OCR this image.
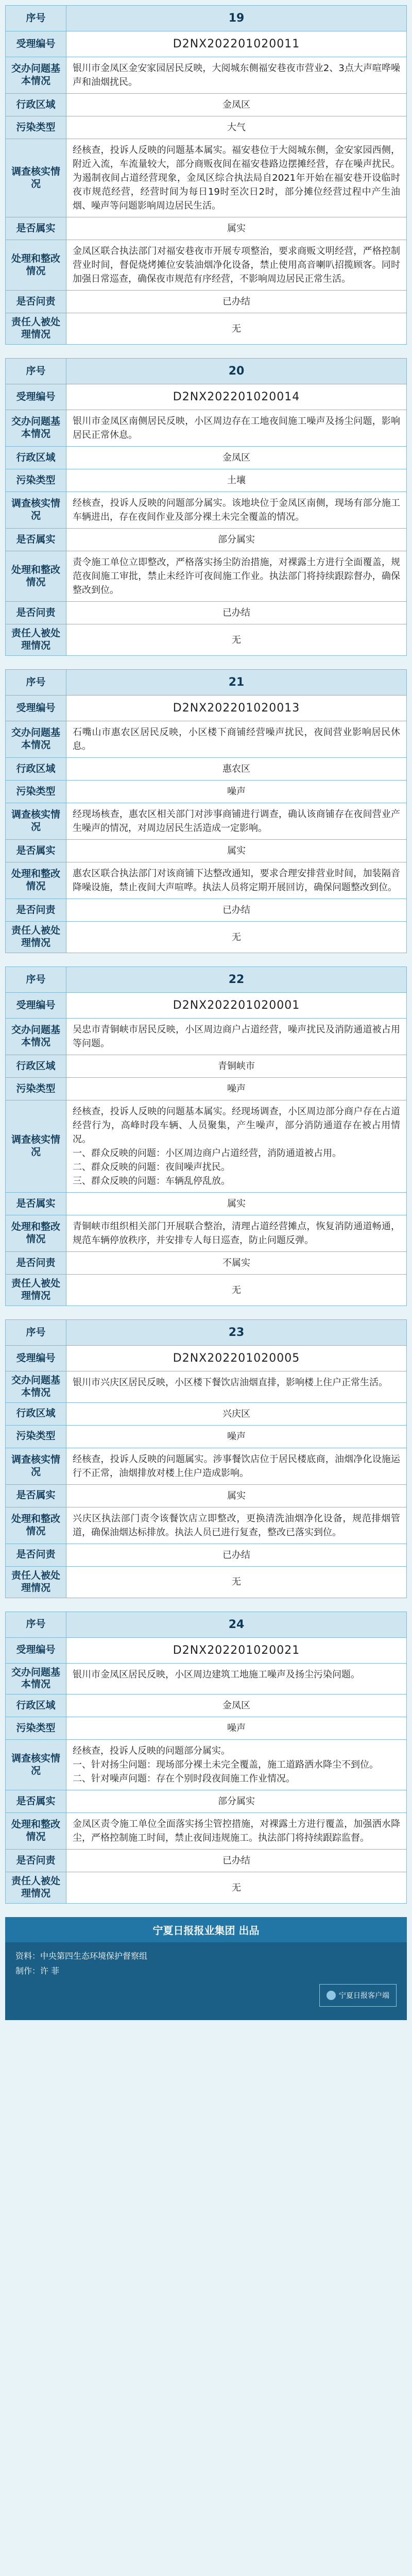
序号	19
受理编号	D2NX202201020011
交办问题基本情况
银川市金凤区金安家园居民反映，大阅城东侧福安巷夜市营业2、3点大声喧哗噪声和油烟扰民。
行政区域	金凤区
污染类型	大气
调查核实情况
经核查，投诉人反映的问题基本属实。福安巷位于大阅城东侧，金安家园西侧，附近入流，车流量较大，部分商贩夜间在福安巷路边摆摊经营，存在噪声扰民。为遏制夜间占道经营现象，金凤区综合执法局自2021年开始在福安巷开设临时夜市规范经营，经营时间为每日19时至次日2时，部分摊位经营过程中产生油烟、噪声等问题影响周边居民生活。
是否属实	属实
处理和整改情况
金凤区联合执法部门对福安巷夜市开展专项整治，要求商贩文明经营，严格控制营业时间，督促烧烤摊位安装油烟净化设备，禁止使用高音喇叭招揽顾客。同时加强日常巡查，确保夜市规范有序经营，不影响周边居民正常生活。
是否问责	已办结
责任人被处理情况	无
序号	20
受理编号	D2NX202201020014
交办问题基本情况
银川市金凤区南侧居民反映，小区周边存在工地夜间施工噪声及扬尘问题，影响居民正常休息。
行政区域	金凤区
污染类型	土壤
调查核实情况
经核查，投诉人反映的问题部分属实。该地块位于金凤区南侧，现场有部分施工车辆进出，存在夜间作业及部分裸土未完全覆盖的情况。
是否属实	部分属实
处理和整改情况
责令施工单位立即整改，严格落实扬尘防治措施，对裸露土方进行全面覆盖，规范夜间施工审批，禁止未经许可夜间施工作业。执法部门将持续跟踪督办，确保整改到位。
是否问责	已办结
责任人被处理情况	无
序号	21
受理编号	D2NX202201020013
交办问题基本情况
石嘴山市惠农区居民反映，小区楼下商铺经营噪声扰民，夜间营业影响居民休息。
行政区域	惠农区
污染类型	噪声
调查核实情况
经现场核查，惠农区相关部门对涉事商铺进行调查，确认该商铺存在夜间营业产生噪声的情况，对周边居民生活造成一定影响。
是否属实	属实
处理和整改情况
惠农区联合执法部门对该商铺下达整改通知，要求合理安排营业时间，加装隔音降噪设施，禁止夜间大声喧哗。执法人员将定期开展回访，确保问题整改到位。
是否问责	已办结
责任人被处理情况	无
序号	22
受理编号	D2NX202201020001
交办问题基本情况
吴忠市青铜峡市居民反映，小区周边商户占道经营，噪声扰民及消防通道被占用等问题。
行政区域	青铜峡市
污染类型	噪声
调查核实情况
经核查，投诉人反映的问题基本属实。经现场调查，小区周边部分商户存在占道经营行为，高峰时段车辆、人员聚集，产生噪声，部分消防通道存在被占用情况。
一、群众反映的问题：小区周边商户占道经营，消防通道被占用。
二、群众反映的问题：夜间噪声扰民。
三、群众反映的问题：车辆乱停乱放。
是否属实	属实
处理和整改情况
青铜峡市组织相关部门开展联合整治，清理占道经营摊点，恢复消防通道畅通，规范车辆停放秩序，并安排专人每日巡查，防止问题反弹。
是否问责	不属实
责任人被处理情况	无
序号	23
受理编号	D2NX202201020005
交办问题基本情况
银川市兴庆区居民反映，小区楼下餐饮店油烟直排，影响楼上住户正常生活。
行政区域	兴庆区
污染类型	噪声
调查核实情况
经核查，投诉人反映的问题属实。涉事餐饮店位于居民楼底商，油烟净化设施运行不正常，油烟排放对楼上住户造成影响。
是否属实	属实
处理和整改情况
兴庆区执法部门责令该餐饮店立即整改，更换清洗油烟净化设备，规范排烟管道，确保油烟达标排放。执法人员已进行复查，整改已落实到位。
是否问责	已办结
责任人被处理情况	无
序号	24
受理编号	D2NX202201020021
交办问题基本情况
银川市金凤区居民反映，小区周边建筑工地施工噪声及扬尘污染问题。
行政区域	金凤区
污染类型	噪声
调查核实情况
经核查，投诉人反映的问题部分属实。
一、针对扬尘问题：现场部分裸土未完全覆盖，施工道路洒水降尘不到位。
二、针对噪声问题：存在个别时段夜间施工作业情况。
是否属实	部分属实
处理和整改情况
金凤区责令施工单位全面落实扬尘管控措施，对裸露土方进行覆盖，加强洒水降尘，严格控制施工时间，禁止夜间违规施工。执法部门将持续跟踪监督。
是否问责	已办结
责任人被处理情况	无
宁夏日报报业集团 出品
资料：中央第四生态环境保护督察组
制作：许 菲
宁夏日报客户端
